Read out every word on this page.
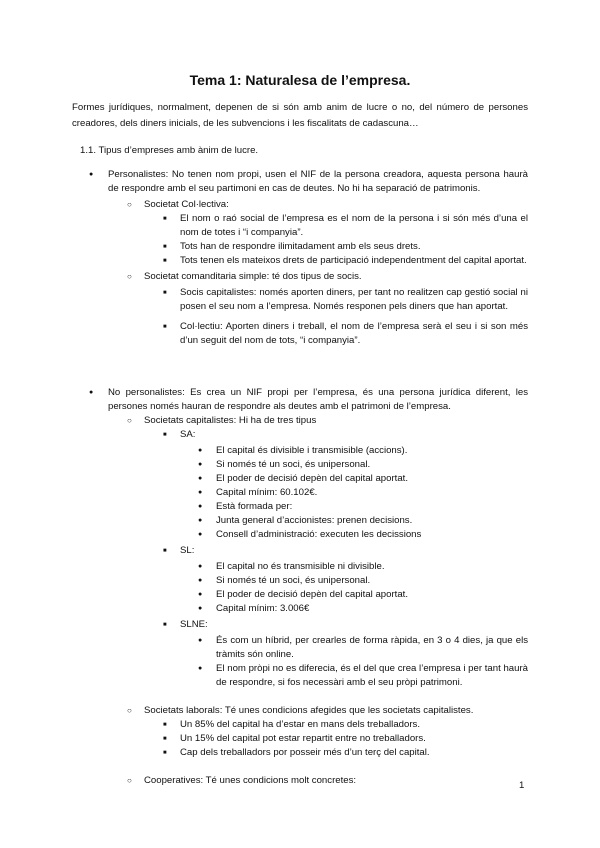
Tema 1: Naturalesa de l’empresa.

Formes jurídiques, normalment, depenen de si són amb anim de lucre o no, del número de persones creadores, dels diners inicials, de les subvencions i les fiscalitats de cadascuna…

1.1. Tipus d’empreses amb ànim de lucre.

● Personalistes: No tenen nom propi, usen el NIF de la persona creadora, aquesta persona haurà de respondre amb el seu partimoni en cas de deutes. No hi ha separació de patrimonis.
○ Societat Col·lectiva:
■ El nom o raó social de l’empresa es el nom de la persona i si són més d’una el nom de totes i “i companyia”.
■ Tots han de respondre ilimitadament amb els seus drets.
■ Tots tenen els mateixos drets de participació independentment del capital aportat.
○ Societat comanditaria simple: té dos tipus de socis.
■ Socis capitalistes: només aporten diners, per tant no realitzen cap gestió social ni posen el seu nom a l’empresa. Només responen pels diners que han aportat.
■ Col·lectiu: Aporten diners i treball, el nom de l’empresa serà el seu i si son més d’un seguit del nom de tots, “i companyia”.
● No personalistes: Es crea un NIF propi per l’empresa, és una persona jurídica diferent, les persones només hauran de respondre als deutes amb el patrimoni de l’empresa.
○ Societats capitalistes: Hi ha de tres tipus
■ SA:
● El capital és divisible i transmisible (accions).
● Si només té un soci, és unipersonal.
● El poder de decisió depèn del capital aportat.
● Capital mínim: 60.102€.
● Està formada per:
● Junta general d’accionistes: prenen decisions.
● Consell d’administració: executen les decissions
■ SL:
● El capital no és transmisible ni divisible.
● Si només té un soci, és unipersonal.
● El poder de decisió depèn del capital aportat.
● Capital mínim: 3.006€
■ SLNE:
● És com un híbrid, per crearles de forma ràpida, en 3 o 4 dies, ja que els tràmits són online.
● El nom pròpi no es diferecia, és el del que crea l’empresa i per tant haurà de respondre, si fos necessàri amb el seu pròpi patrimoni.
○ Societats laborals: Té unes condicions afegides que les societats capitalistes.
■ Un 85% del capital ha d’estar en mans dels treballadors.
■ Un 15% del capital pot estar repartit entre no treballadors.
■ Cap dels treballadors por posseir més d’un terç del capital.
○ Cooperatives: Té unes condicions molt concretes:	1
